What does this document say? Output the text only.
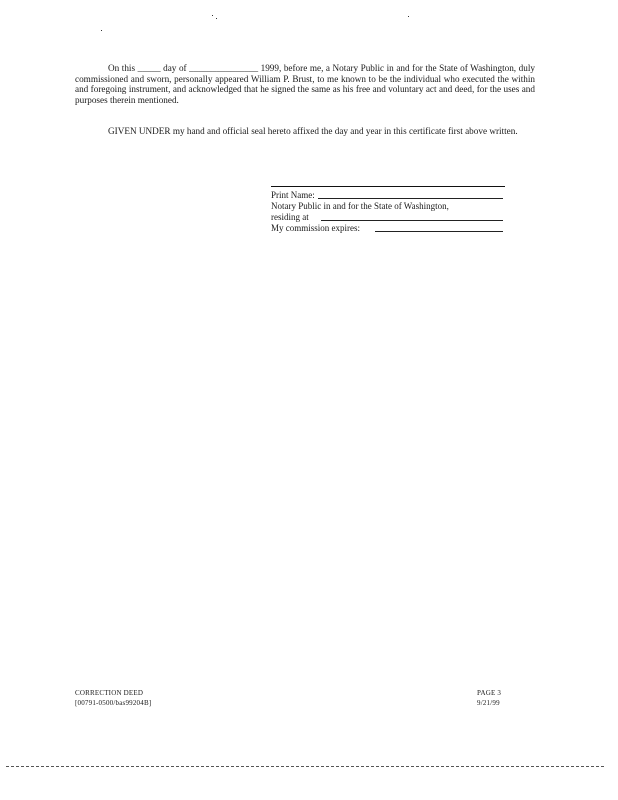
On this _____ day of _______________ 1999, before me, a Notary Public in and for the State of Washington, duly commissioned and sworn, personally appeared William P. Brust, to me known to be the individual who executed the within and foregoing instrument, and acknowledged that he signed the same as his free and voluntary act and deed, for the uses and purposes therein mentioned.

GIVEN UNDER my hand and official seal hereto affixed the day and year in this certificate first above written.

Print Name:
Notary Public in and for the State of Washington,
residing at
My commission expires:
CORRECTION DEED
[00791-0500/bas99204B]
PAGE 3
9/21/99
